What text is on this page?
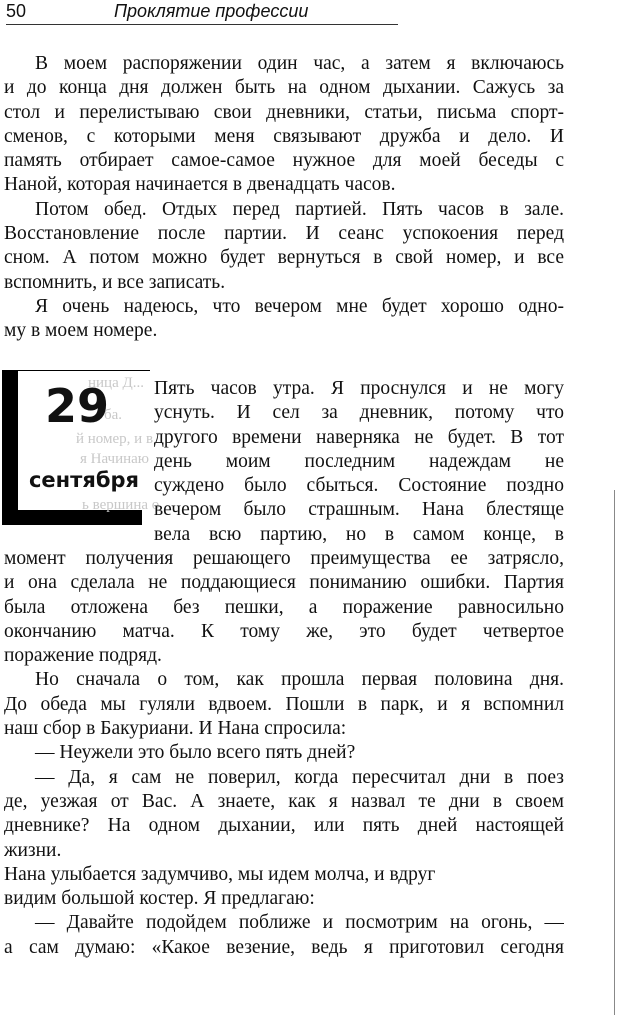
50	Проклятие профессии
В моем распоряжении один час, а затем я включаюсь
и до конца дня должен быть на одном дыхании. Сажусь за
стол и перелистываю свои дневники, статьи, письма спорт-
сменов, с которыми меня связывают дружба и дело. И
память отбирает самое-самое нужное для моей беседы с
Наной, которая начинается в двенадцать часов.
Потом обед. Отдых перед партией. Пять часов в зале.
Восстановление после партии. И сеанс успокоения перед
сном. А потом можно будет вернуться в свой номер, и все
вспомнить, и все записать.
Я очень надеюсь, что вечером мне будет хорошо одно-
му в моем номере.
ница Д...
ба.
й номер, и в
я Начинаю
ь вершина о
29
сентября
Пять часов утра. Я проснулся и не могу
уснуть. И сел за дневник, потому что
другого времени наверняка не будет. В тот
день моим последним надеждам не
суждено было сбыться. Состояние поздно
вечером было страшным. Нана блестяще
вела всю партию, но в самом конце, в
момент получения решающего преимущества ее затрясло,
и она сделала не поддающиеся пониманию ошибки. Партия
была отложена без пешки, а поражение равносильно
окончанию матча. К тому же, это будет четвертое
поражение подряд.
Но сначала о том, как прошла первая половина дня.
До обеда мы гуляли вдвоем. Пошли в парк, и я вспомнил
наш сбор в Бакуриани. И Нана спросила:
— Неужели это было всего пять дней?
— Да, я сам не поверил, когда пересчитал дни в поез
де, уезжая от Вас. А знаете, как я назвал те дни в своем
дневнике? На одном дыхании, или пять дней настоящей
жизни.
Нана улыбается задумчиво, мы идем молча, и вдруг
видим большой костер. Я предлагаю:
— Давайте подойдем поближе и посмотрим на огонь, —
а сам думаю: «Какое везение, ведь я приготовил сегодня
